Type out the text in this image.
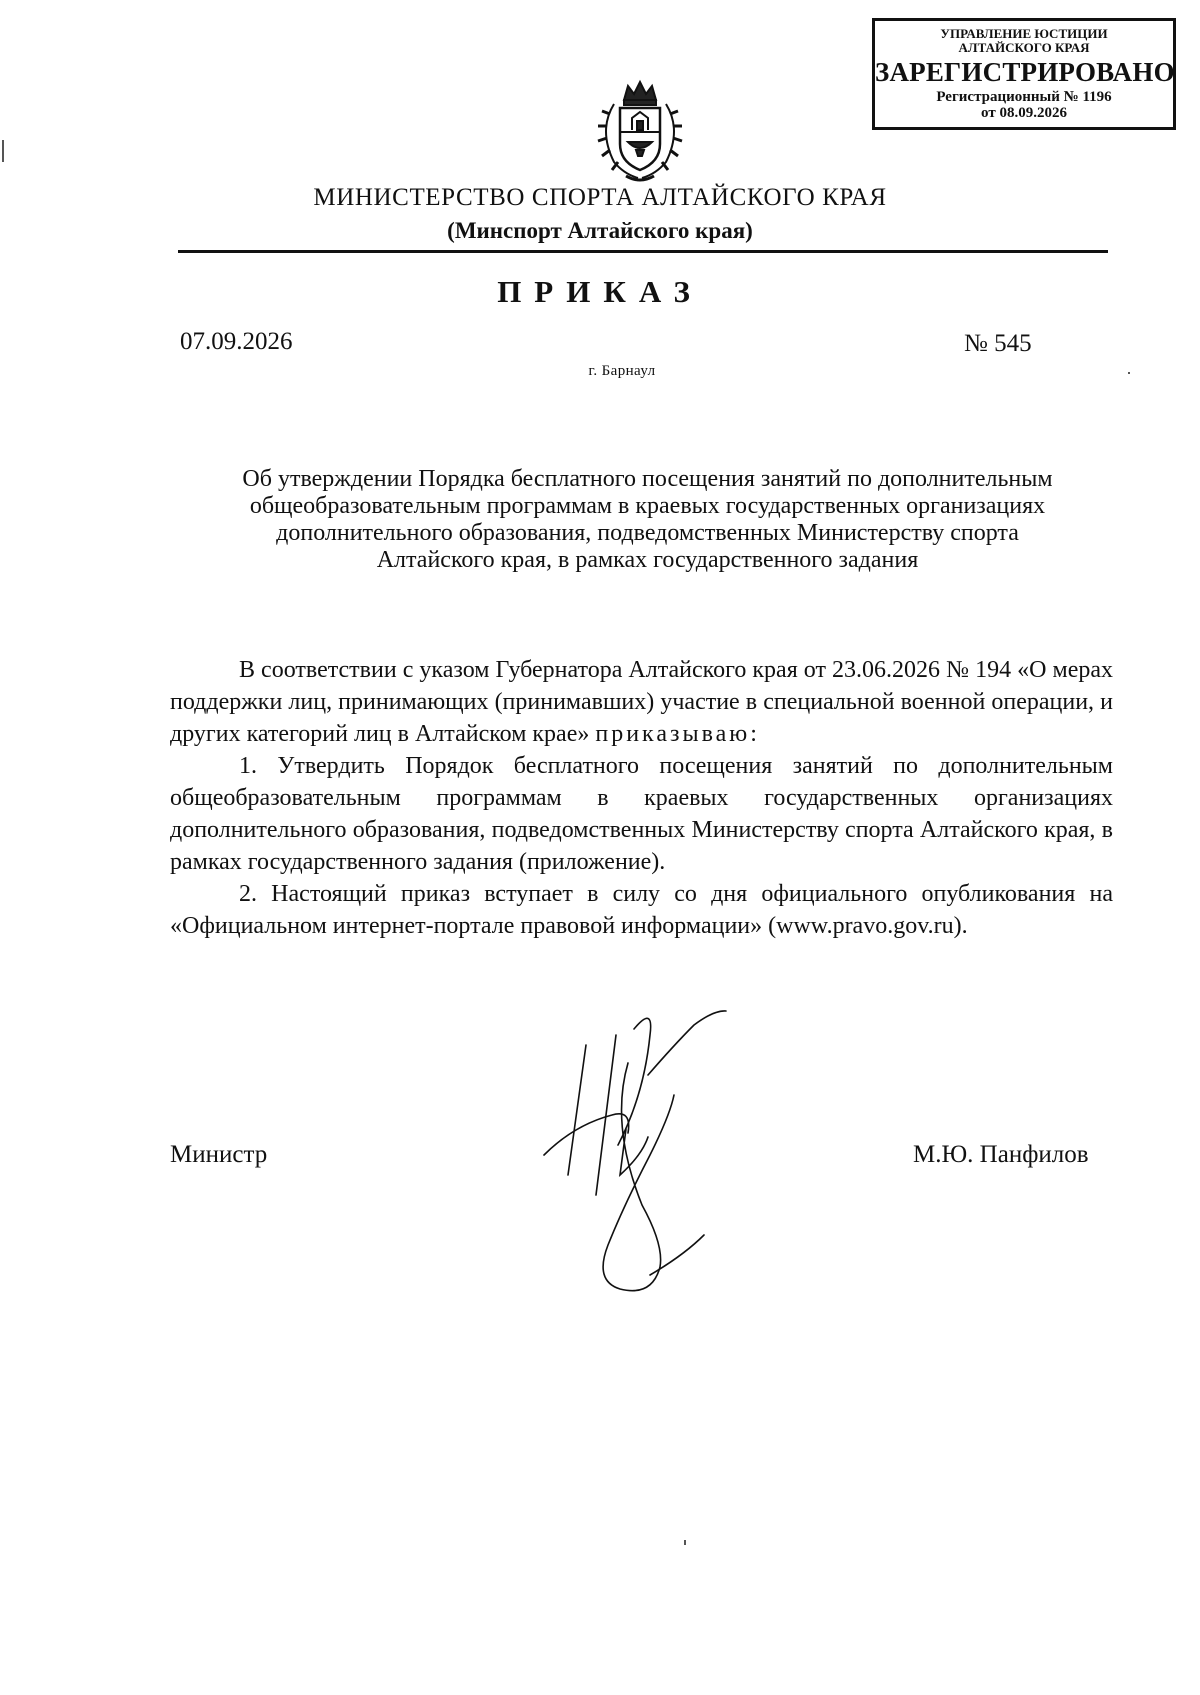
УПРАВЛЕНИЕ ЮСТИЦИИ
АЛТАЙСКОГО КРАЯ
ЗАРЕГИСТРИРОВАНО
Регистрационный № 1196
от 08.09.2026
МИНИСТЕРСТВО СПОРТА АЛТАЙСКОГО КРАЯ
(Минспорт Алтайского края)
ПРИКАЗ
07.09.2026	№ 545
г. Барнаул
Об утверждении Порядка бесплатного посещения занятий по дополнительным общеобразовательным программам в краевых государственных организациях дополнительного образования, подведомственных Министерству спорта Алтайского края, в рамках государственного задания

В соответствии с указом Губернатора Алтайского края от 23.06.2026 № 194 «О мерах поддержки лиц, принимающих (принимавших) участие в специальной военной операции, и других категорий лиц в Алтайском крае» приказываю:

1. Утвердить Порядок бесплатного посещения занятий по дополнительным общеобразовательным программам в краевых государственных организациях дополнительного образования, подведомственных Министерству спорта Алтайского края, в рамках государственного задания (приложение).

2. Настоящий приказ вступает в силу со дня официального опубликования на «Официальном интернет-портале правовой информации» (www.pravo.gov.ru).

Министр	М.Ю. Панфилов
